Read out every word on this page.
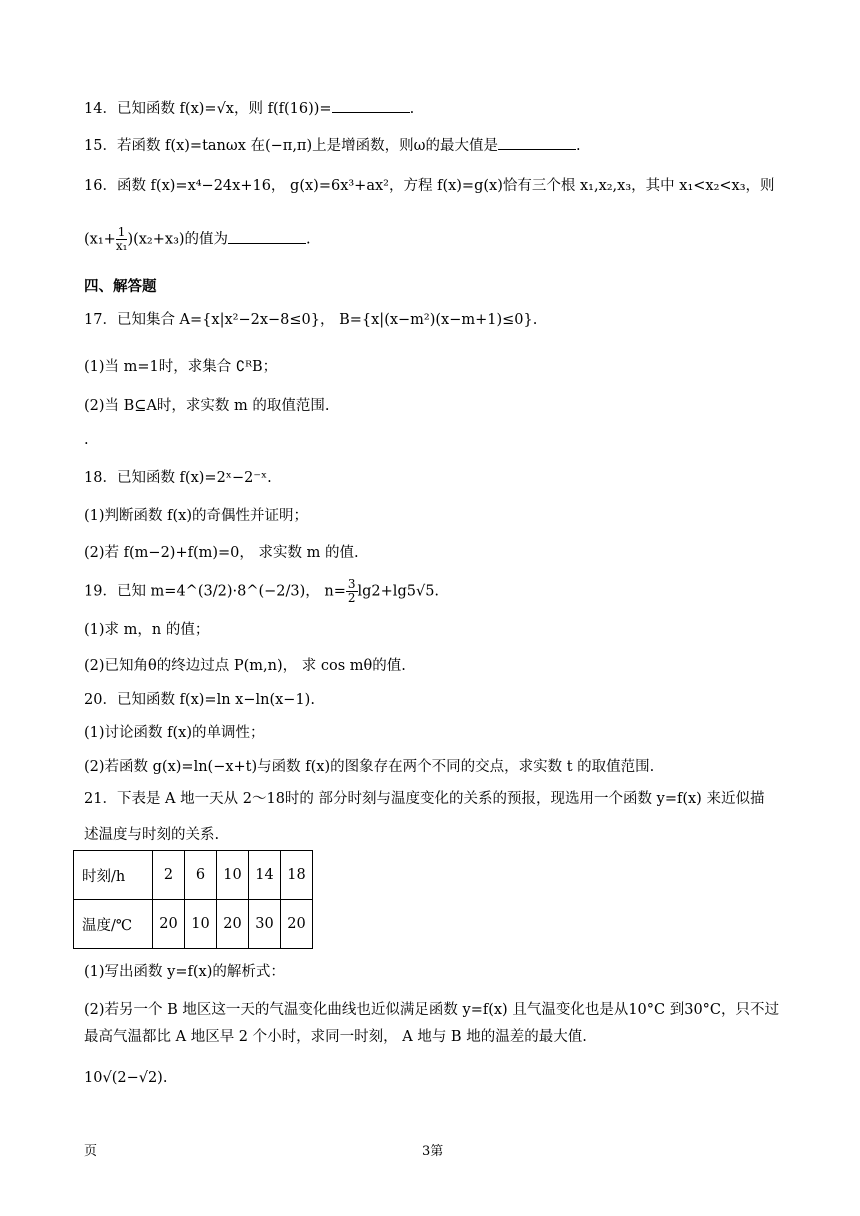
14．已知函数 f(x)=√x，则 f(f(16))=	.
15．若函数 f(x)=tanωx 在(−π,π)上是增函数，则ω的最大值是	.
16．函数 f(x)=x⁴−24x+16， g(x)=6x³+ax²，方程 f(x)=g(x)恰有三个根 x₁,x₂,x₃，其中 x₁<x₂<x₃，则
$(x_1+ \frac{1}{\text{x₁}} )(x_2+x_3)$的值为	.
四、解答题
17．已知集合 A={x|x²−2x−8≤0}， B={x|(x−m²)(x−m+1)≤0}.
(1)当 m=1时，求集合 ∁ᴿB；
(2)当 B⊆A时，求实数 m 的取值范围.
.
18．已知函数 f(x)=2ˣ−2⁻ˣ.
(1)判断函数 f(x)的奇偶性并证明；
(2)若 f(m−2)+f(m)=0， 求实数 m 的值.
19．已知 m=4^(3/2)·8^(−2/3)， $n= \frac{3}{2} \lg 2+\lg 5√5$.
(1)求 m，n 的值；
(2)已知角θ的终边过点 P(m,n)， 求 cos mθ的值.
20．已知函数 f(x)=ln x−ln(x−1).
(1)讨论函数 f(x)的单调性；
(2)若函数 g(x)=ln(−x+t)与函数 f(x)的图象存在两个不同的交点，求实数 t 的取值范围.
21．下表是 A 地一天从 2～18时的 部分时刻与温度变化的关系的预报，现选用一个函数 y=f(x) 来近似描
述温度与时刻的关系.
时刻/h	2	6	10	14	18
温度/℃	20	10	20	30	20
(1)写出函数 y=f(x)的解析式：
(2)若另一个 B 地区这一天的气温变化曲线也近似满足函数 y=f(x) 且气温变化也是从10°C 到30°C，只不过
最高气温都比 A 地区早 2 个小时，求同一时刻， A 地与 B 地的温差的最大值.
10√(2−√2).
页	3第
